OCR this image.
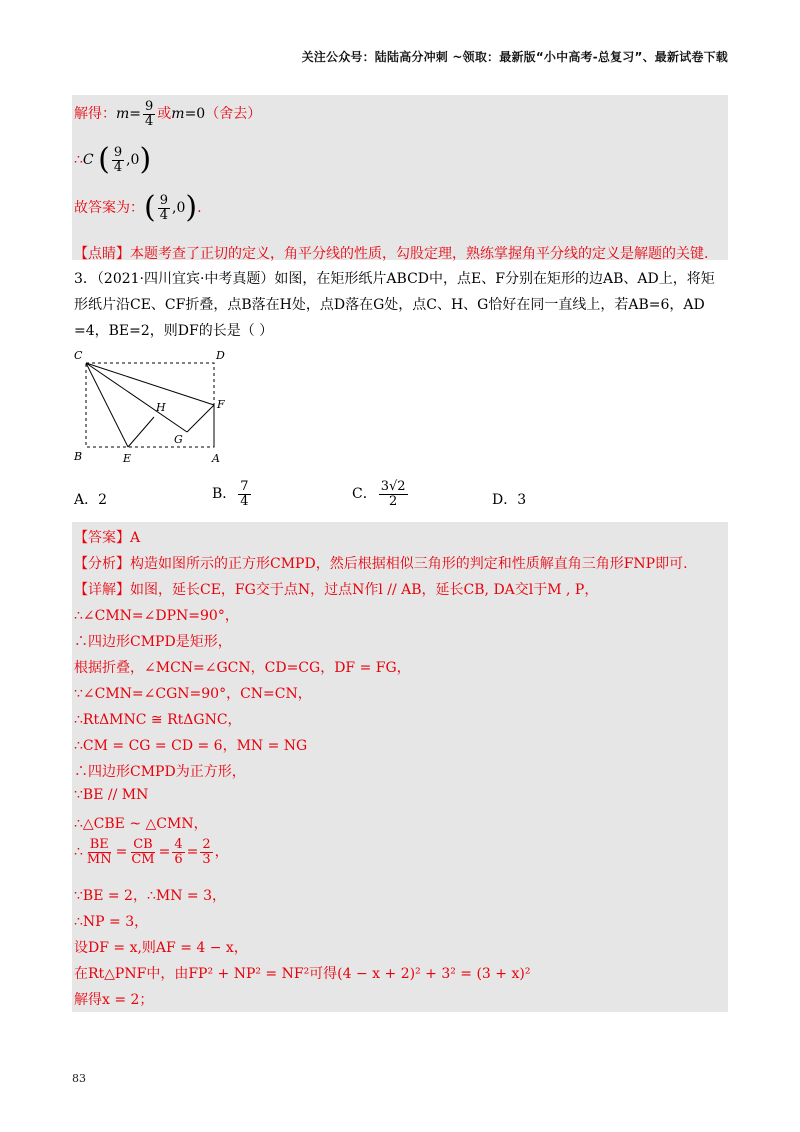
关注公众号：陆陆高分冲刺 ~领取：最新版“小中高考-总复习”、最新试卷下载
解得：$m= \frac{9}{4}$ 或m=0（舍去）
∴C ( $\frac{9}{4} ,0$)
故答案为：( $\frac{9}{4} ,0$).
【点睛】本题考查了正切的定义，角平分线的性质，勾股定理，熟练掌握角平分线的定义是解题的关键.
3．（2021·四川宜宾·中考真题）如图，在矩形纸片ABCD中，点E、F分别在矩形的边AB、AD上，将矩
形纸片沿CE、CF折叠，点B落在H处，点D落在G处，点C、H、G恰好在同一直线上，若AB=6，AD
=4，BE=2，则DF的长是（ ）
C	D
H	F
G
B	E	A
A．2	B． $\frac{7}{4}$	C． $\frac{3√2}{2}$	D．3
【答案】A
【分析】构造如图所示的正方形CMPD，然后根据相似三角形的判定和性质解直角三角形FNP即可.
【详解】如图，延长CE，FG交于点N，过点N作l // AB，延长CB, DA交l于M , P，
∴∠CMN=∠DPN=90°，
∴四边形CMPD是矩形，
根据折叠，∠MCN=∠GCN，CD=CG，DF = FG，
∵∠CMN=∠CGN=90°，CN=CN，
∴RtΔMNC ≅ RtΔGNC，
∴CM = CG = CD = 6，MN = NG
∴四边形CMPD为正方形，
∵BE // MN
∴△CBE ~ △CMN，
∴ $\frac{BE}{MN} = \frac{CB}{CM} = \frac{4}{6} = \frac{2}{3}$ ，
∵BE = 2，∴MN = 3，
∴NP = 3，
设DF = x,则AF = 4 − x，
在Rt△PNF中，由FP² + NP² = NF²可得(4 − x + 2)² + 3² = (3 + x)²
解得x = 2；
83
